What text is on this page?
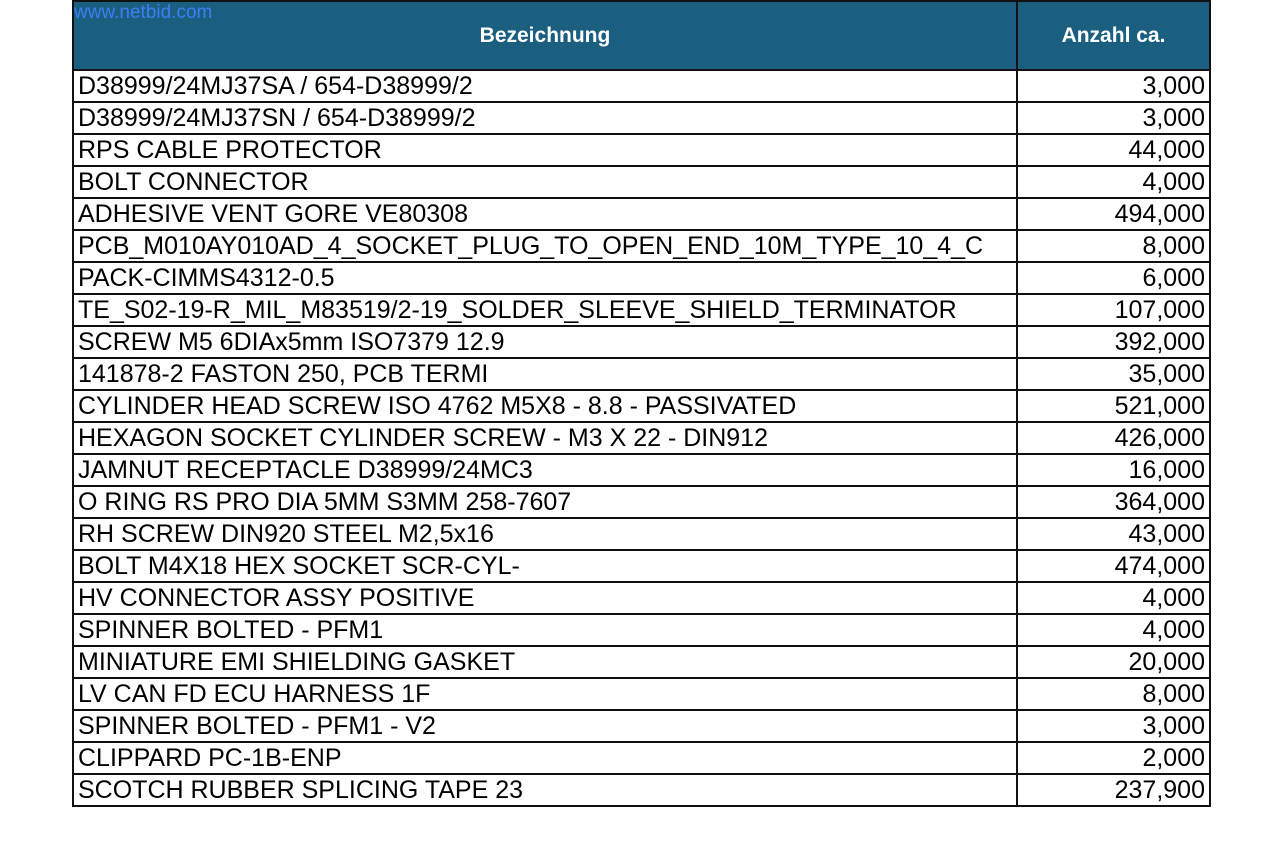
www.netbid.com
Bezeichnung	Anzahl ca.
D38999/24MJ37SA / 654-D38999/2	3,000
D38999/24MJ37SN / 654-D38999/2	3,000
RPS CABLE PROTECTOR	44,000
BOLT CONNECTOR	4,000
ADHESIVE VENT GORE VE80308	494,000
PCB_M010AY010AD_4_SOCKET_PLUG_TO_OPEN_END_10M_TYPE_10_4_C	8,000
PACK-CIMMS4312-0.5	6,000
TE_S02-19-R_MIL_M83519/2-19_SOLDER_SLEEVE_SHIELD_TERMINATOR	107,000
SCREW M5 6DIAx5mm ISO7379 12.9	392,000
141878-2 FASTON 250, PCB TERMI	35,000
CYLINDER HEAD SCREW ISO 4762 M5X8 - 8.8 - PASSIVATED	521,000
HEXAGON SOCKET CYLINDER SCREW - M3 X 22 - DIN912	426,000
JAMNUT RECEPTACLE D38999/24MC3	16,000
O RING RS PRO DIA 5MM S3MM 258-7607	364,000
RH SCREW DIN920 STEEL M2,5x16	43,000
BOLT M4X18 HEX SOCKET SCR-CYL-	474,000
HV CONNECTOR ASSY POSITIVE	4,000
SPINNER BOLTED - PFM1	4,000
MINIATURE EMI SHIELDING GASKET	20,000
LV CAN FD ECU HARNESS 1F	8,000
SPINNER BOLTED - PFM1 - V2	3,000
CLIPPARD PC-1B-ENP	2,000
SCOTCH RUBBER SPLICING TAPE 23	237,900
